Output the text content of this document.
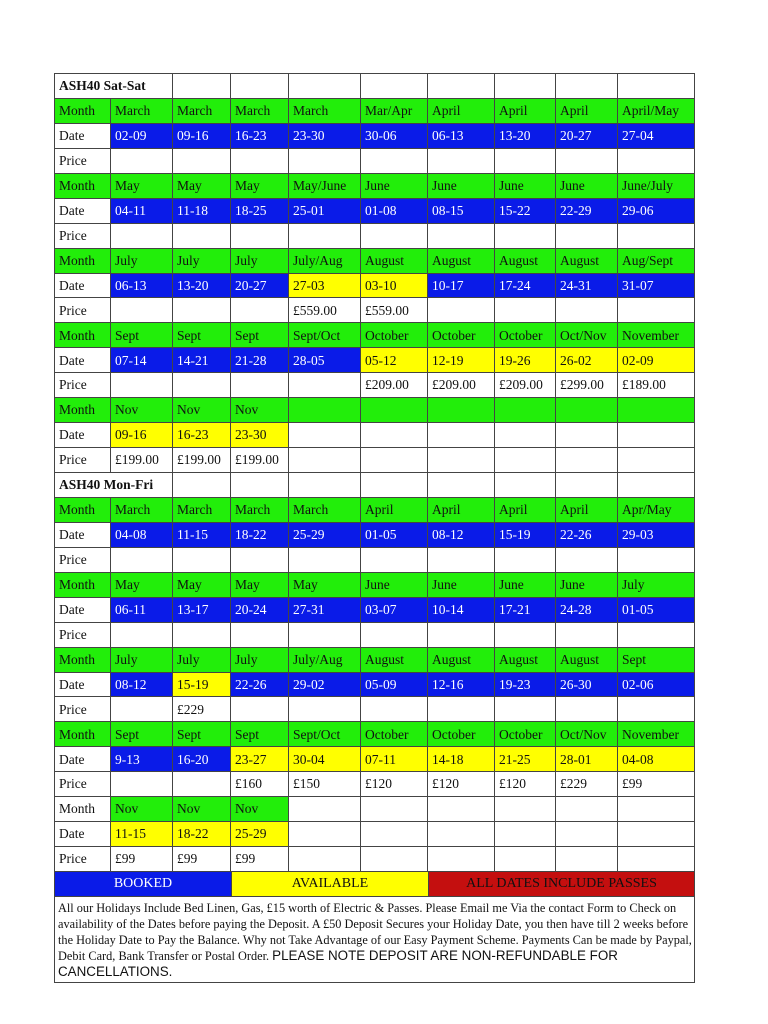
ASH40 Sat-Sat									
Month	March	March	March	March	Mar/Apr	April	April	April	April/May
Date	02-09	09-16	16-23	23-30	30-06	06-13	13-20	20-27	27-04
Price									
Month	May	May	May	May/June	June	June	June	June	June/July
Date	04-11	11-18	18-25	25-01	01-08	08-15	15-22	22-29	29-06
Price									
Month	July	July	July	July/Aug	August	August	August	August	Aug/Sept
Date	06-13	13-20	20-27	27-03	03-10	10-17	17-24	24-31	31-07
Price				£559.00	£559.00				
Month	Sept	Sept	Sept	Sept/Oct	October	October	October	Oct/Nov	November
Date	07-14	14-21	21-28	28-05	05-12	12-19	19-26	26-02	02-09
Price					£209.00	£209.00	£209.00	£299.00	£189.00
Month	Nov	Nov	Nov						
Date	09-16	16-23	23-30						
Price	£199.00	£199.00	£199.00						
ASH40 Mon-Fri									
Month	March	March	March	March	April	April	April	April	Apr/May
Date	04-08	11-15	18-22	25-29	01-05	08-12	15-19	22-26	29-03
Price									
Month	May	May	May	May	June	June	June	June	July
Date	06-11	13-17	20-24	27-31	03-07	10-14	17-21	24-28	01-05
Price									
Month	July	July	July	July/Aug	August	August	August	August	Sept
Date	08-12	15-19	22-26	29-02	05-09	12-16	19-23	26-30	02-06
Price		£229							
Month	Sept	Sept	Sept	Sept/Oct	October	October	October	Oct/Nov	November
Date	9-13	16-20	23-27	30-04	07-11	14-18	21-25	28-01	04-08
Price			£160	£150	£120	£120	£120	£229	£99
Month	Nov	Nov	Nov						
Date	11-15	18-22	25-29						
Price	£99	£99	£99						
BOOKED	AVAILABLE	ALL DATES INCLUDE PASSES
All our Holidays Include Bed Linen, Gas, £15 worth of Electric & Passes. Please Email me Via the contact Form to Check on availability of the Dates before paying the Deposit. A £50 Deposit Secures your Holiday Date, you then have till 2 weeks before the Holiday Date to Pay the Balance. Why not Take Advantage of our Easy Payment Scheme. Payments Can be made by Paypal, Debit Card, Bank Transfer or Postal Order. PLEASE NOTE DEPOSIT ARE NON-REFUNDABLE FOR CANCELLATIONS.
